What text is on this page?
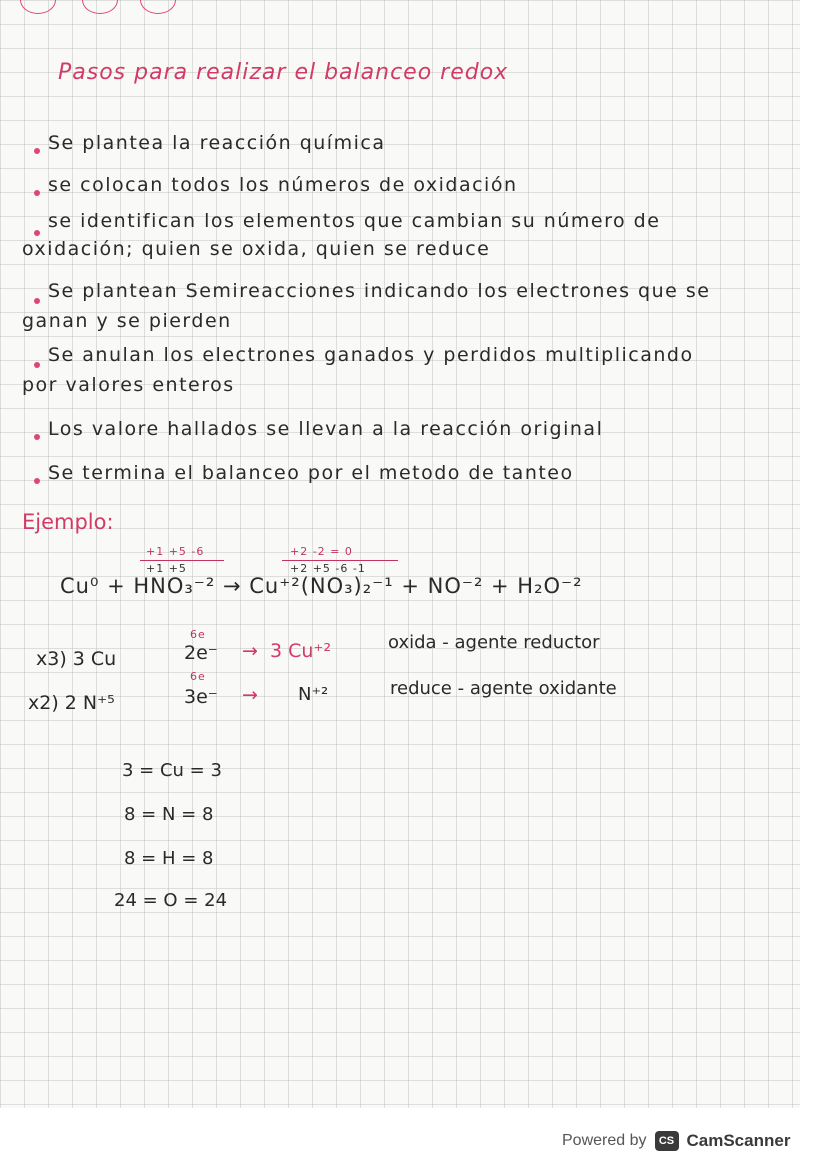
Pasos para realizar el balanceo redox
Se plantea la reacción química
se colocan todos los números de oxidación
se identifican los elementos que cambian su número de
oxidación; quien se oxida, quien se reduce
Se plantean Semireacciones indicando los electrones que se
ganan y se pierden
Se anulan los electrones ganados y perdidos multiplicando
por valores enteros
Los valore hallados se llevan a la reacción original
Se termina el balanceo por el metodo de tanteo
Ejemplo:
+1 +5 -6	+2 -2 = 0
+1 +5	+2 +5 -6 -1
Cu⁰ + HNO₃⁻² → Cu⁺²(NO₃)₂⁻¹ + NO⁻² + H₂O⁻²
x3) 3 Cu
6e
2e⁻ → 3 Cu⁺²	oxida - agente reductor
x2) 2 N⁺⁵
6e
3e⁻ → N⁺²	reduce - agente oxidante
3 = Cu = 3
8 = N = 8
8 = H = 8
24 = O = 24
Powered by	CS CamScanner
